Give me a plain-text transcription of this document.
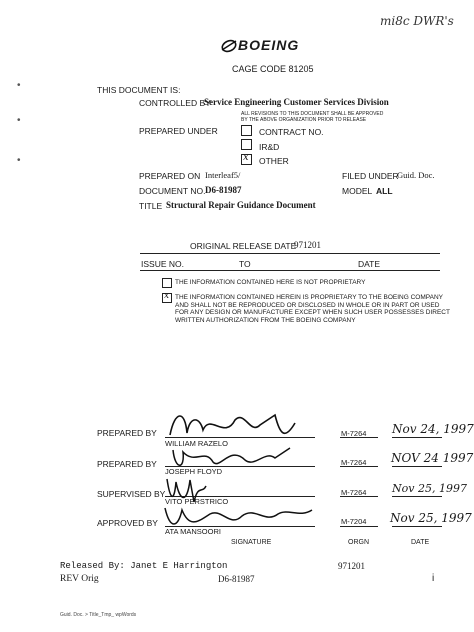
mi8c DWR's
•
•
•
BOEING
CAGE CODE 81205
THIS DOCUMENT IS:
CONTROLLED BY
Service Engineering Customer Services Division
ALL REVISIONS TO THIS DOCUMENT SHALL BE APPROVED
BY THE ABOVE ORGANIZATION PRIOR TO RELEASE
PREPARED UNDER	CONTRACT NO.
IR&D
x OTHER
PREPARED ON Interleaf5/	FILED UNDER
Guid. Doc.
DOCUMENT NO. D6-81987	MODEL ALL
TITLE Structural Repair Guidance Document
ORIGINAL RELEASE DATE
971201
ISSUE NO.	TO	DATE
THE INFORMATION CONTAINED HERE IS NOT PROPRIETARY
x THE INFORMATION CONTAINED HEREIN IS PROPRIETARY TO THE BOEING COMPANY
AND SHALL NOT BE REPRODUCED OR DISCLOSED IN WHOLE OR IN PART OR USED
FOR ANY DESIGN OR MANUFACTURE EXCEPT WHEN SUCH USER POSSESSES DIRECT
WRITTEN AUTHORIZATION FROM THE BOEING COMPANY
PREPARED BY
WILLIAM RAZELO
M-7264 Nov 24, 1997
PREPARED BY
JOSEPH FLOYD
M-7264 NOV 24 1997
SUPERVISED BY
VITO PERSTRICO
M-7264 Nov 25, 1997
APPROVED BY
ATA MANSOORI
M-7204 Nov 25, 1997
SIGNATURE	ORGN	DATE
Released By: Janet E Harrington	971201
REV Orig	D6-81987	i
Guid. Doc. > Title_Tmp_ wpWords
